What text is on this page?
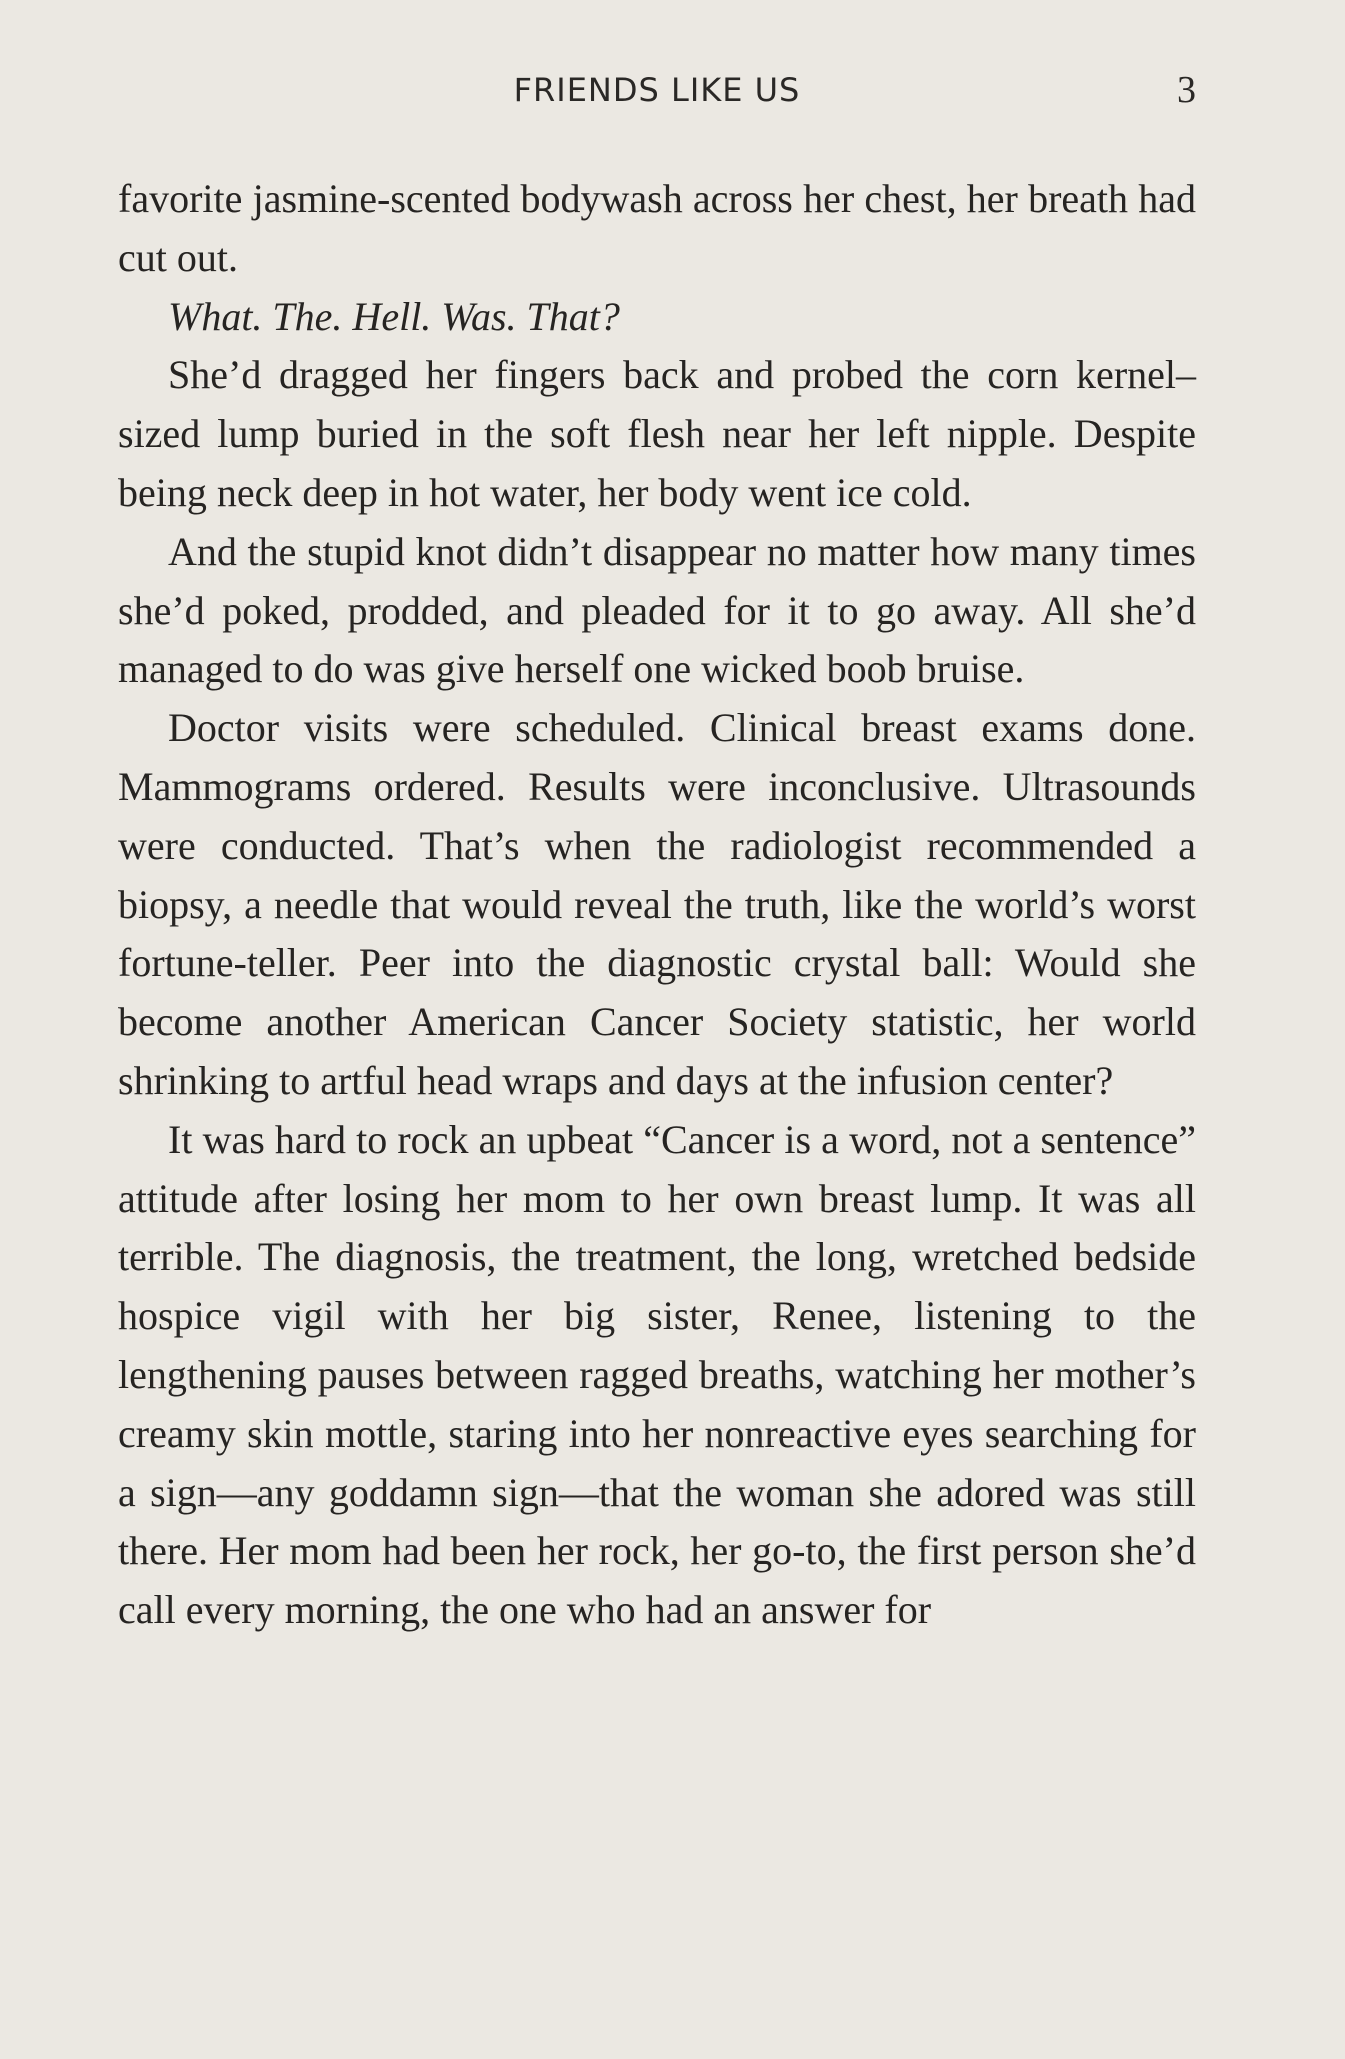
FRIENDS LIKE US	3

favorite jasmine-scented bodywash across her chest, her breath had cut out.

What. The. Hell. Was. That?

She’d dragged her fingers back and probed the corn kernel–sized lump buried in the soft flesh near her left nipple. Despite being neck deep in hot water, her body went ice cold.

And the stupid knot didn’t disappear no matter how many times she’d poked, prodded, and pleaded for it to go away. All she’d managed to do was give herself one wicked boob bruise.

Doctor visits were scheduled. Clinical breast exams done. Mammograms ordered. Results were inconclusive. Ultrasounds were conducted. That’s when the radiologist recommended a biopsy, a needle that would reveal the truth, like the world’s worst fortune-teller. Peer into the diagnostic crystal ball: Would she become another American Cancer Society statistic, her world shrinking to artful head wraps and days at the infusion center?

It was hard to rock an upbeat “Cancer is a word, not a sentence” attitude after losing her mom to her own breast lump. It was all terrible. The diagnosis, the treatment, the long, wretched bedside hospice vigil with her big sister, Renee, listening to the lengthening pauses between ragged breaths, watching her mother’s creamy skin mottle, staring into her nonreactive eyes searching for a sign—any goddamn sign—that the woman she adored was still there. Her mom had been her rock, her go-to, the first person she’d call every morning, the one who had an answer for
